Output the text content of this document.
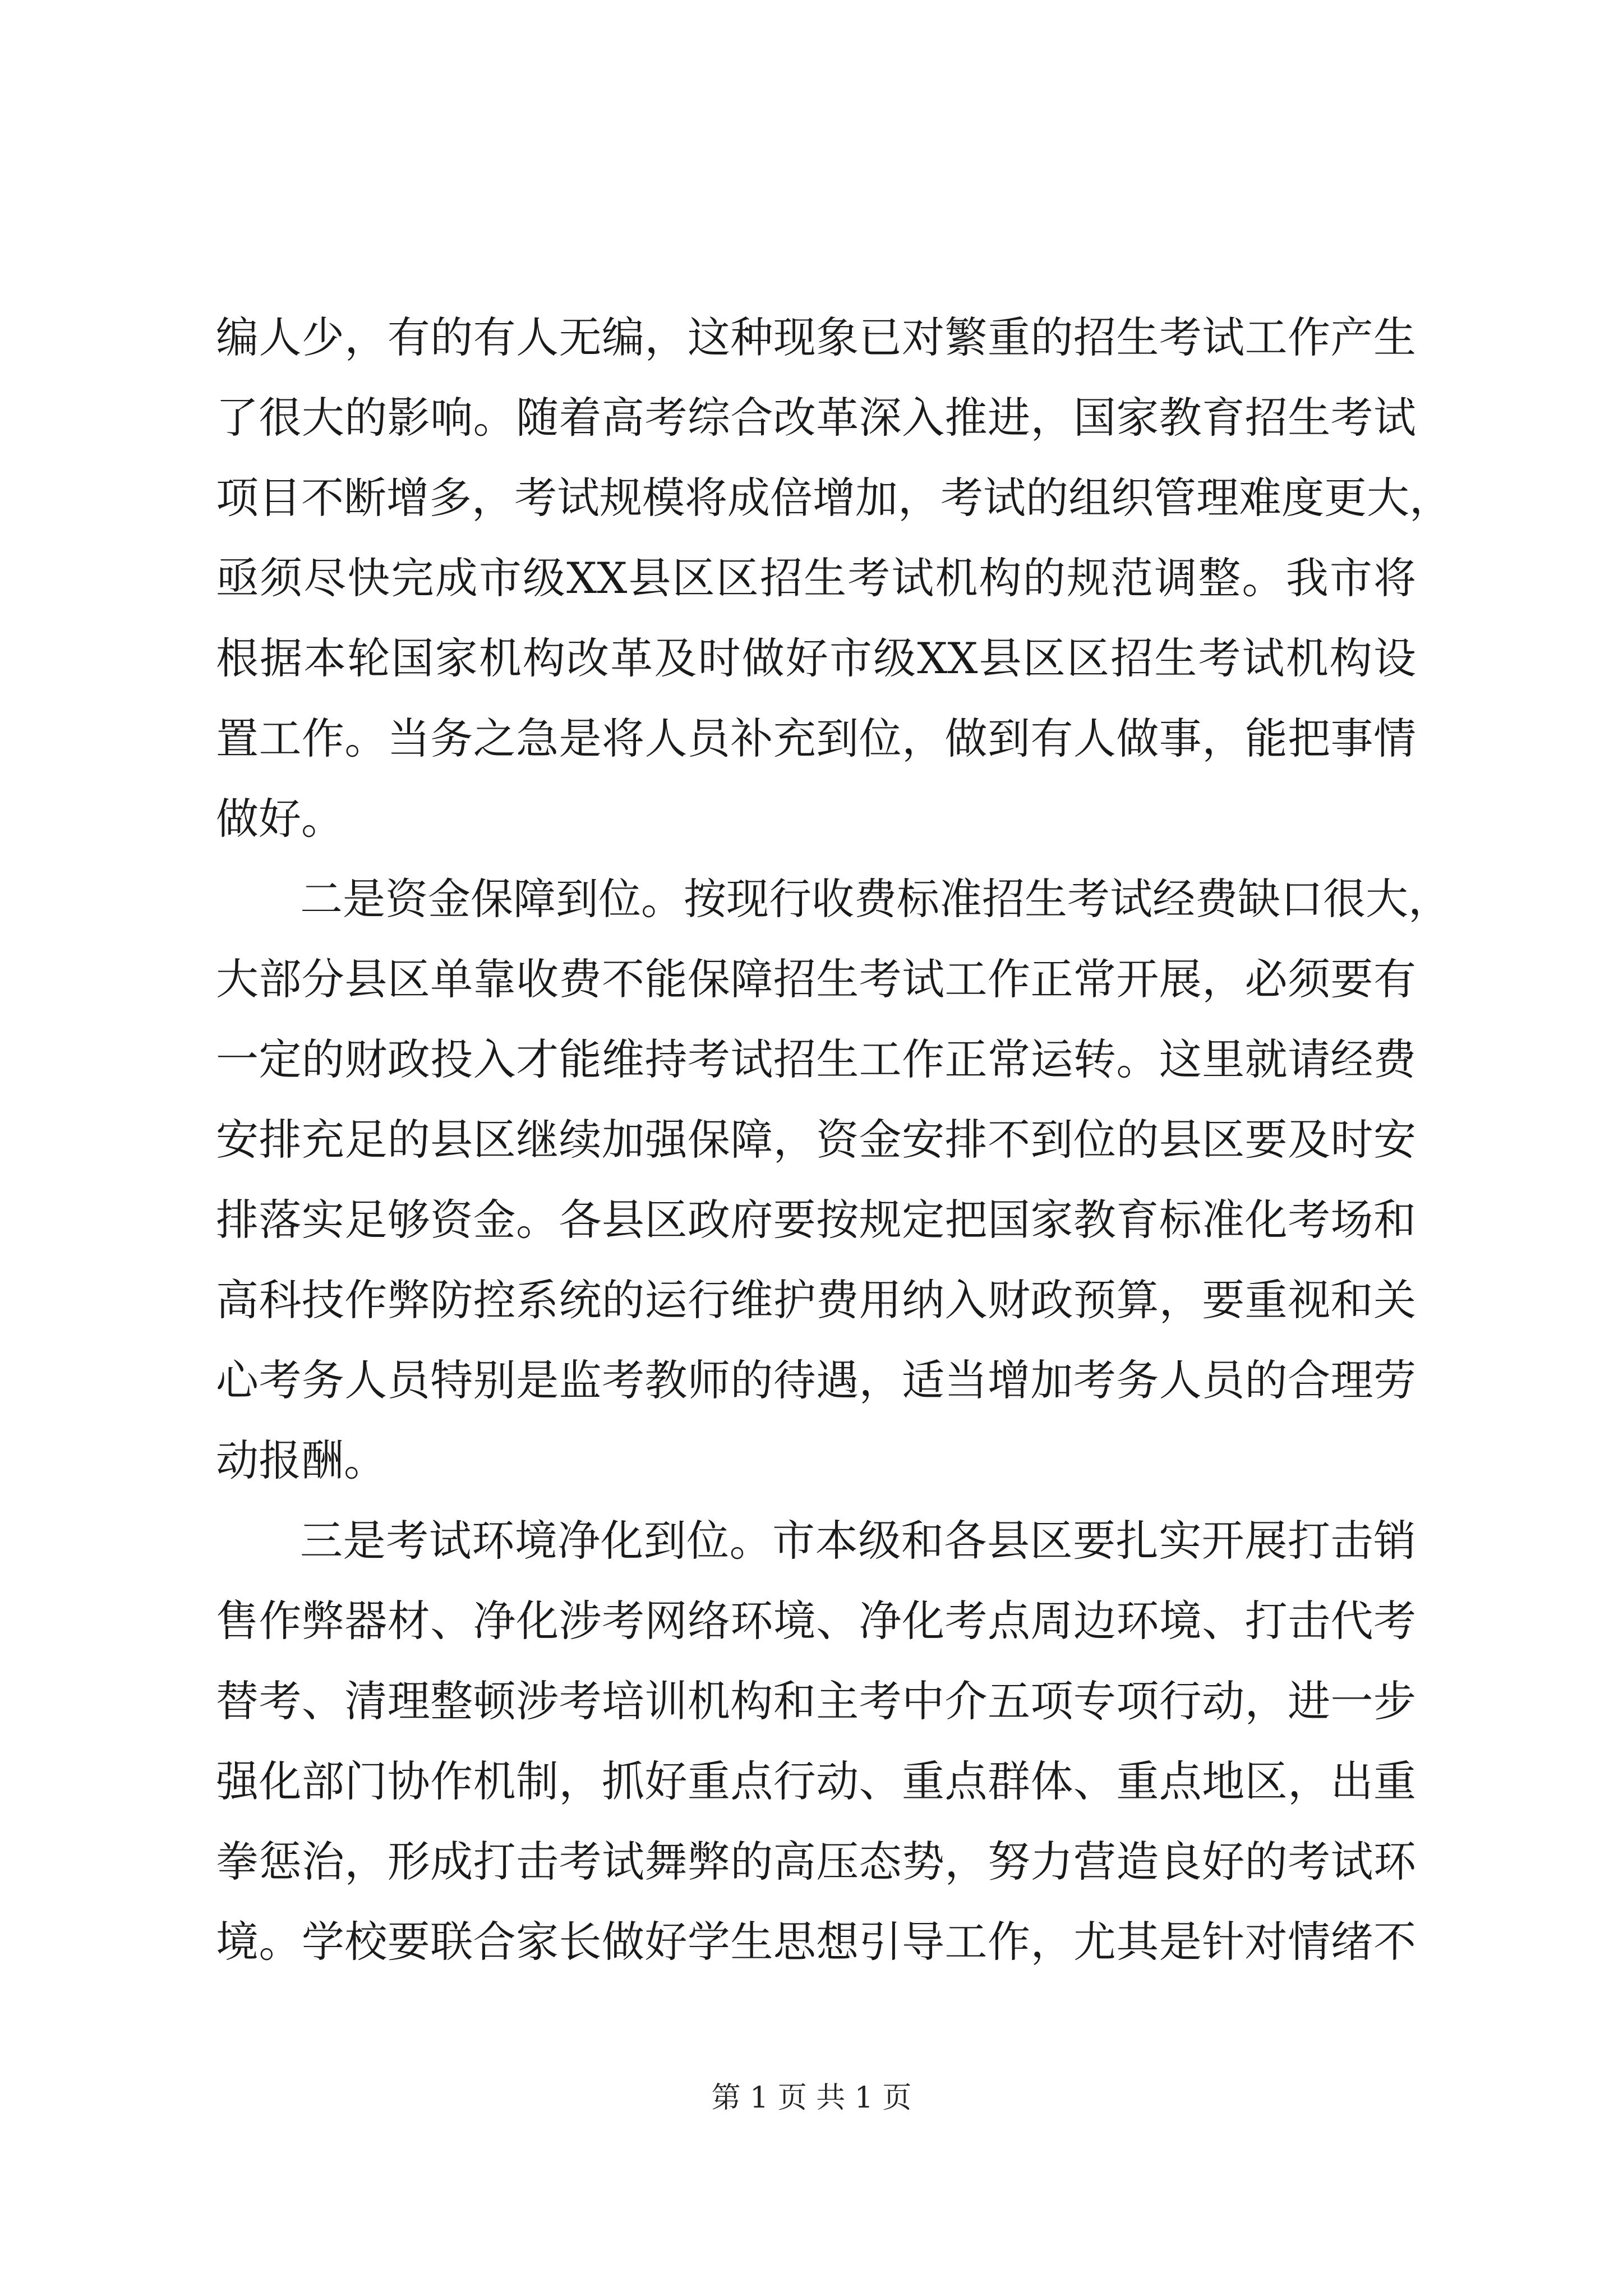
编人少，有的有人无编，这种现象已对繁重的招生考试工作产生
了很大的影响。随着高考综合改革深入推进，国家教育招生考试
项目不断增多，考试规模将成倍增加，考试的组织管理难度更大，
亟须尽快完成市级XX县区区招生考试机构的规范调整。我市将
根据本轮国家机构改革及时做好市级XX县区区招生考试机构设
置工作。当务之急是将人员补充到位，做到有人做事，能把事情
做好。
二是资金保障到位。按现行收费标准招生考试经费缺口很大，
大部分县区单靠收费不能保障招生考试工作正常开展，必须要有
一定的财政投入才能维持考试招生工作正常运转。这里就请经费
安排充足的县区继续加强保障，资金安排不到位的县区要及时安
排落实足够资金。各县区政府要按规定把国家教育标准化考场和
高科技作弊防控系统的运行维护费用纳入财政预算，要重视和关
心考务人员特别是监考教师的待遇，适当增加考务人员的合理劳
动报酬。
三是考试环境净化到位。市本级和各县区要扎实开展打击销
售作弊器材、净化涉考网络环境、净化考点周边环境、打击代考
替考、清理整顿涉考培训机构和主考中介五项专项行动，进一步
强化部门协作机制，抓好重点行动、重点群体、重点地区，出重
拳惩治，形成打击考试舞弊的高压态势，努力营造良好的考试环
境。学校要联合家长做好学生思想引导工作，尤其是针对情绪不
第 1 页 共 1 页
